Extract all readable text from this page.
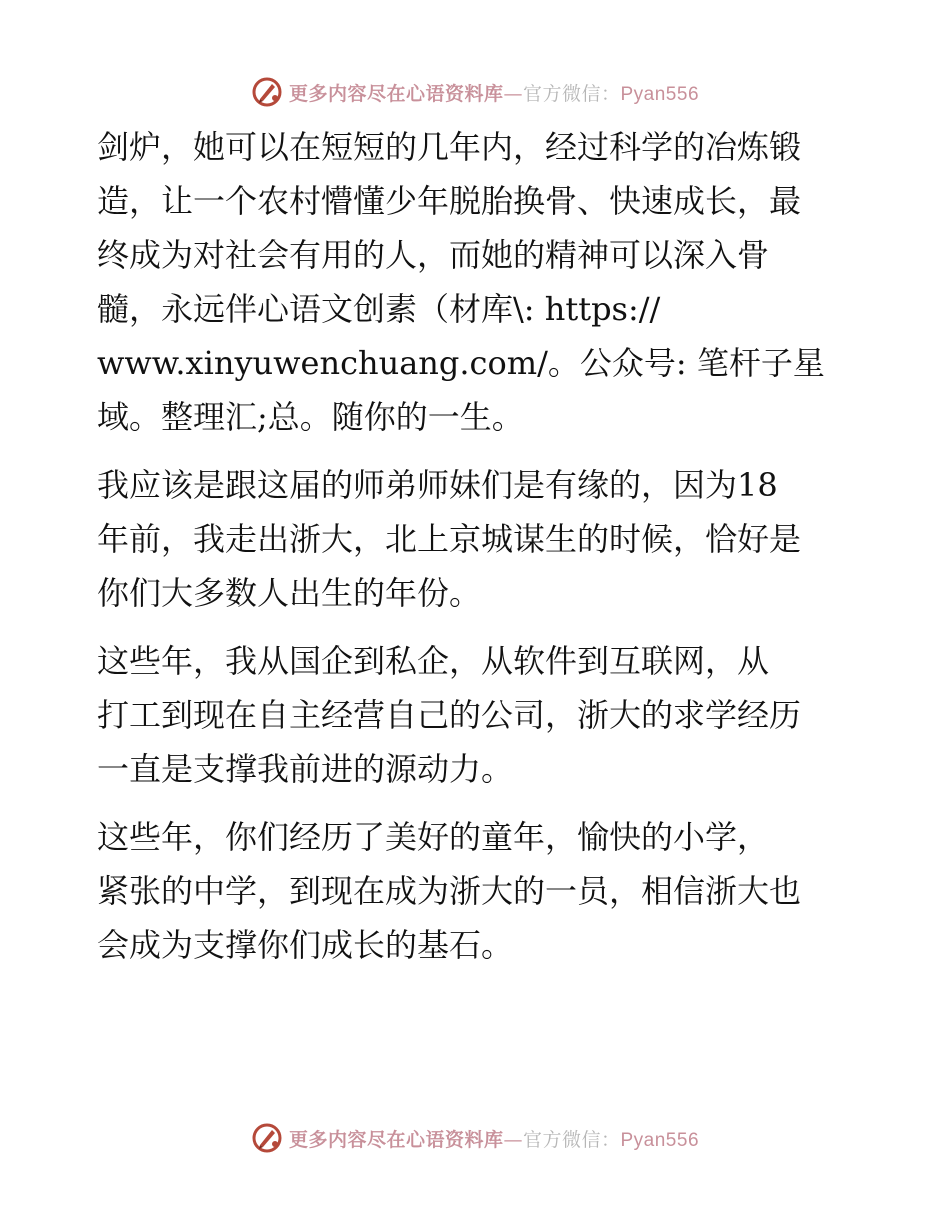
更多内容尽在心语资料库—官方微信：Pyan556
剑炉，她可以在短短的几年内，经过科学的冶炼锻
造，让一个农村懵懂少年脱胎换骨、快速成长，最
终成为对社会有用的人，而她的精神可以深入骨
髓，永远伴心语文创素（材库\: https://
www.xinyuwenchuang.com/。公众号: 笔杆子星
域。整理汇;总。随你的一生。
我应该是跟这届的师弟师妹们是有缘的，因为18
年前，我走出浙大，北上京城谋生的时候，恰好是
你们大多数人出生的年份。
这些年，我从国企到私企，从软件到互联网，从
打工到现在自主经营自己的公司，浙大的求学经历
一直是支撑我前进的源动力。
这些年，你们经历了美好的童年，愉快的小学，
紧张的中学，到现在成为浙大的一员，相信浙大也
会成为支撑你们成长的基石。
更多内容尽在心语资料库—官方微信：Pyan556
